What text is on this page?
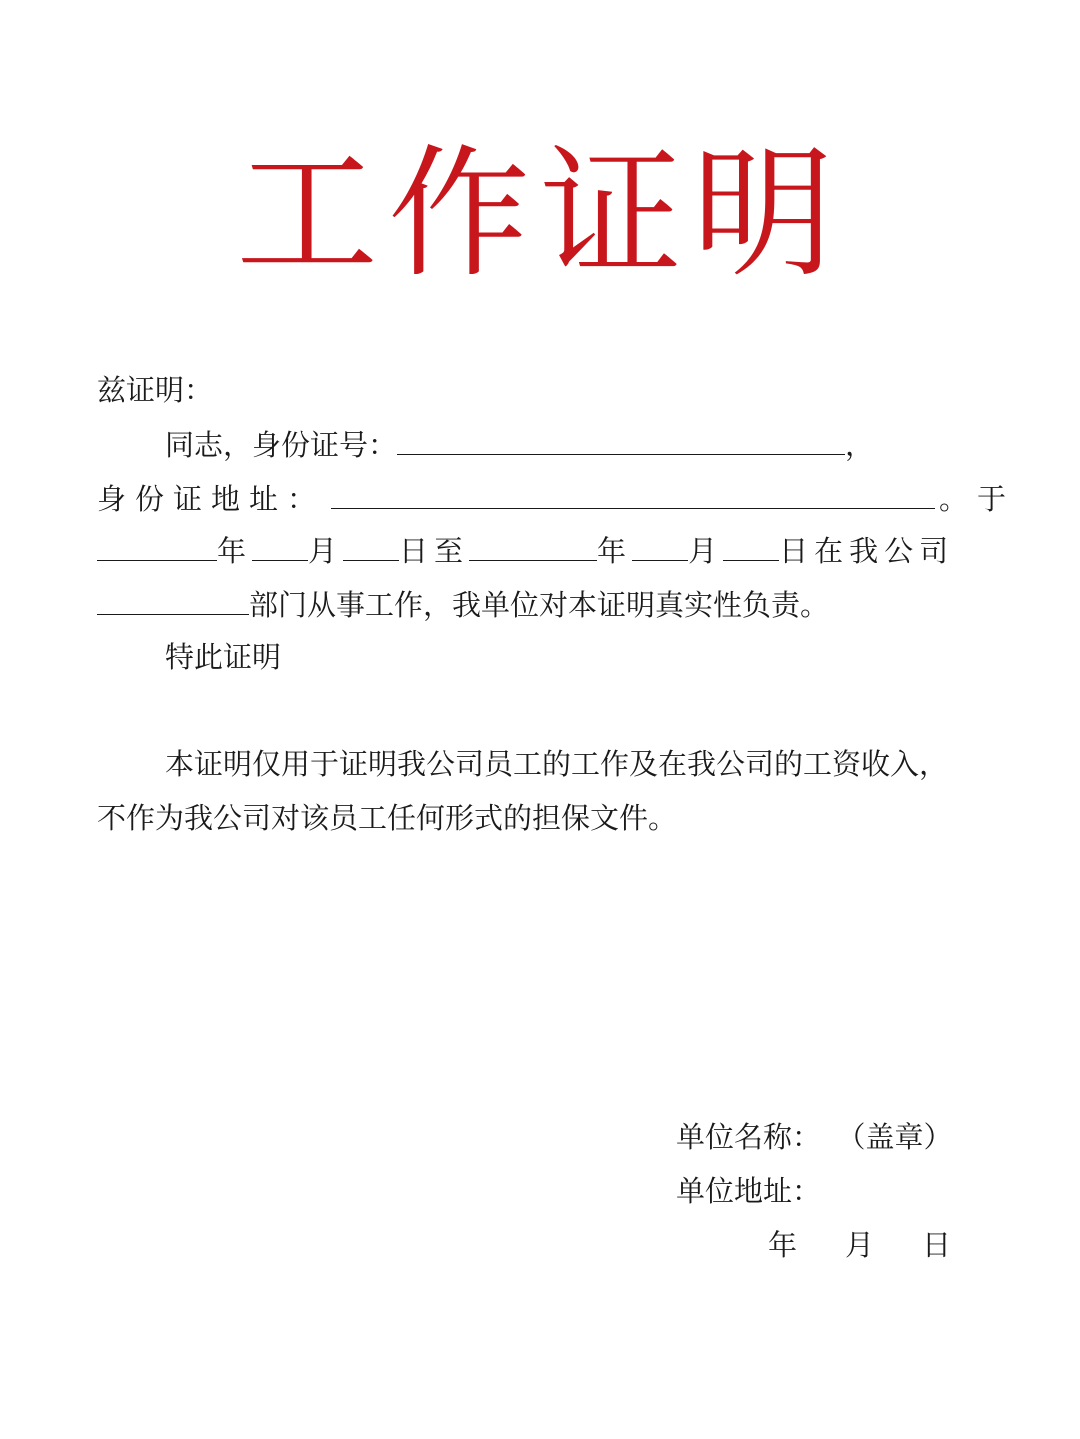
工作证明
兹证明：
同志，身份证号：	，
身份证地址：	。于
年 月 日至	年 月 日在我公司
部门从事工作，我单位对本证明真实性负责。
特此证明
本证明仅用于证明我公司员工的工作及在我公司的工资收入，
不作为我公司对该员工任何形式的担保文件。
单位名称： （盖章）
单位地址：
年 月 日
